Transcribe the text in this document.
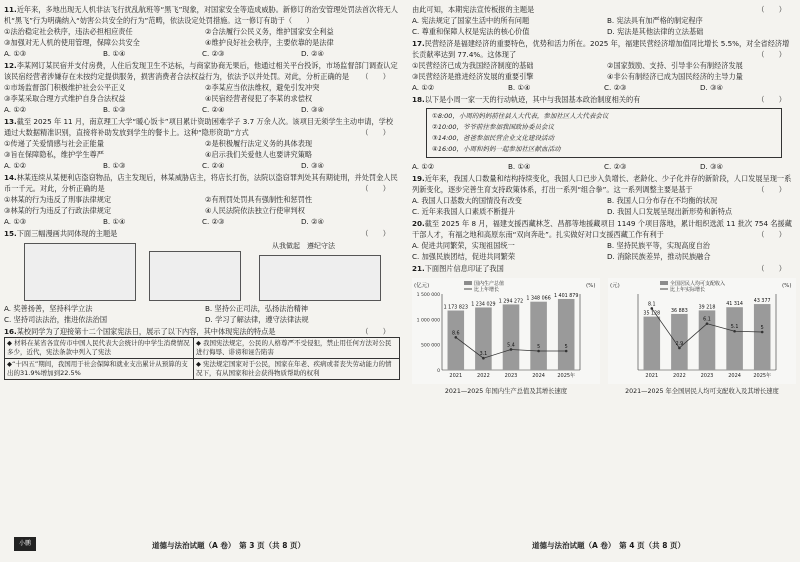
11.近年来，多地出现无人机非法飞行扰乱航班等“黑飞”现象，对国家安全等造成威胁。新修订的治安管理处罚法首次将无人机“黑飞”行为明确纳入“妨害公共安全的行为”范畴，依法设定处罚措施。这一修订有助于（　　）
①法治稳定社会秩序，违法必担相应责任	②合法履行公民义务，维护国家安全利益
③加强对无人机的使用管理，保障公共安全	④维护良好社会秩序，主要依靠的是法律
A. ①③	B. ①④	C. ②③	D. ②④
12.李某网订某民宿并支付房费，人住后发现卫生不达标，与商家协商无果后，他通过相关平台投诉，市场监督部门调查认定该民宿经营者涉嫌存在未按约定提供服务，损害消费者合法权益行为，依法予以并处罚。对此，分析正确的是 （　　）
①市场监督部门积极维护社会公平正义	②李某应当依法维权，避免引发冲突
③李某采取合理方式维护自身合法权益	④民宿经营者侵犯了李某的求偿权
A. ①②	B. ①③	C. ②④	D. ③④
13.截至 2025 年 11 月，南京理工大学“暖心饭卡”项目累计资助困难学子 3.7 万余人次。该项目无须学生主动申请，学校通过大数据精准识别，直接将补助发放到学生的餐卡上。这种“隐形资助”方式	（　　）
①传递了关爱情感与社会正能量	②是积极履行法定义务的具体表现
③旨在保障隐私，维护学生尊严	④启示我们关爱他人也要讲究策略
A. ①②	B. ①③	C. ②④	D. ③④
14.林某连续从某便利店盗窃物品，店主发现后，林某威胁店主，将店长打伤，法院以盗窃罪判处其有期徒刑，并处罚金人民币一千元。对此，分析正确的是	（　　）
①林某的行为违反了刑事法律规定	②有刑罚处罚具有强制性和惩罚性
③林某的行为违反了行政法律规定	④人民法院依法独立行使审判权
A. ①③	B. ①④	C. ②③	D. ②④
15.下面三幅漫画共同体现的主题是	（　　）
从我做起　遵纪守法
A. 奖善扬善，坚持科学立法	B. 坚持公正司法，弘扬法治精神
C. 坚持司法法治，推进依法治国	D. 学习了解法律，遵守法律法规
16.某校同学为了迎接第十二个国家宪法日，展示了以下内容，其中体现宪法的特点是	（　　）
◆ 材料在某省各宣传市中国人民代表大会统计的中学生消费情况多少，近代，宪法条款中列入了宪法	◆ 我国宪法规定，公民的人格尊严不受侵犯，禁止用任何方法对公民进行侮辱、诽谤和诬告陷害
◆“十四五”期间，我国用于社会保障和就业支出累计从预算的支出的31.9%增加到22.5%	◆ 宪法规定国家对于公民，国家在年老、疾病或者丧失劳动能力的情况下，有从国家和社会获得物质帮助的权利
由此可知，本期宪法宣传板报的主题是	（　　）
A. 宪法规定了国家生活中的所有问题	B. 宪法具有加严格的制定程序
C. 尊重和保障人权是宪法的核心价值	D. 宪法是其他法律的立法基础
17.民营经济是福建经济的重要特色，优势和活力所在。2025 年，福建民营经济增加值同比增长 5.5%，对全省经济增长贡献率达到 77.4%。这体现了	（　　）
①民营经济已成为我国经济制度的基础	②国家鼓励、支持、引导非公有制经济发展
③民营经济是推进经济发展的重要引擎	④非公有制经济已成为国民经济的主导力量
A. ①②	B. ①④	C. ②③	D. ③④
18.以下是小周一家一天的行动轨迹，其中与我国基本政治制度相关的有	（　　）
①8:00，小周的妈妈前往县人大代表，参加社区人大代表会议
②10:00，爷爷前往参加我国政协委员会议
③14:00，爸爸参加民营企业文化建设活动
④16:00，小周和妈妈一起参加社区献血活动
A. ①②	B. ①④	C. ②③	D. ③④
19.近年来，我国人口数量和结构持续变化，我国人口已步入负增长、老龄化、少子化并存的新阶段，人口发展呈现一系列新变化，逐步完善生育支持政策体系，打出一系列“组合拳”。这一系列调整主要是基于	（　　）
A. 我国人口基数大的国情没有改变	B. 我国人口分布存在不均衡的状况
C. 近年来我国人口素质不断提升	D. 我国人口发展呈现出新形势和新特点
20.截至 2025 年 8 月，福建支援西藏林芝、昌都等地援藏项目 1149 个项目落地，累计组织选派 11 批次 754 名援藏干部人才，有福之地和高原东南“双向奔赴”。扎实做好对口支援西藏工作有利于	（　　）
A. 促进共同繁荣，实现祖国统一	B. 坚持民族平等，实现高度自治
C. 加强民族团结，促进共同繁荣	D. 消除民族差异，推动民族融合
21.下面图片信息印证了我国	（　　）
(亿元)	(%)
国内生产总值
比上年增长
0
500 000
1 000 000
1 500 000
1 173 823
2021
8.6
1 234 029
2022
3.1
1 294 272
2023
5.4
1 348 066
2024
5
1 401 879
2025年
5
2021—2025 年国内生产总值及其增长速度
(元)	(%)
全国居民人均可支配收入
比上年实际增长
35 128
2021
8.1
36 883
2022
2.9
39 218
2023
6.1
41 314
2024
5.1
43 377
2025年
5
2021—2025 年全国居民人均可支配收入及其增长速度
小鹏	道德与法治试题（A 卷）　第 3 页（共 8 页）	道德与法治试题（A 卷）　第 4 页（共 8 页）
